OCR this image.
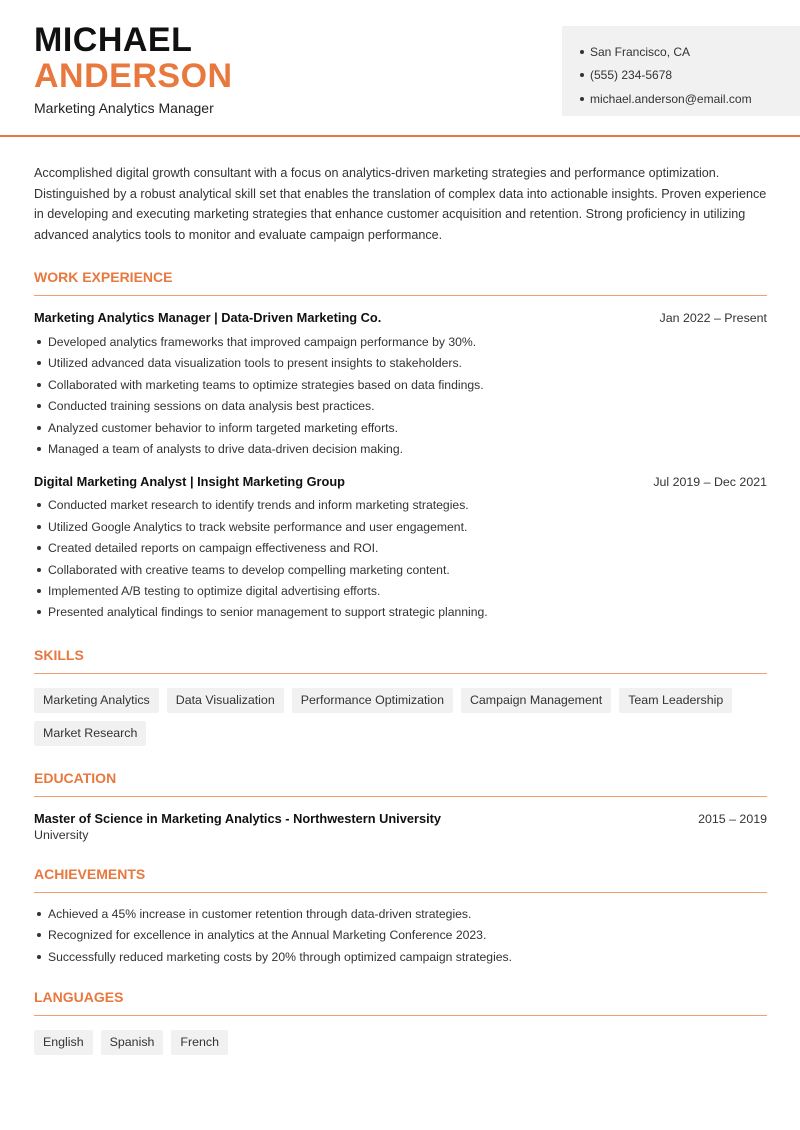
MICHAEL
ANDERSON
Marketing Analytics Manager
San Francisco, CA
(555) 234-5678
michael.anderson@email.com

Accomplished digital growth consultant with a focus on analytics-driven marketing strategies and performance optimization. Distinguished by a robust analytical skill set that enables the translation of complex data into actionable insights. Proven experience in developing and executing marketing strategies that enhance customer acquisition and retention. Strong proficiency in utilizing advanced analytics tools to monitor and evaluate campaign performance.

WORK EXPERIENCE
Marketing Analytics Manager | Data-Driven Marketing Co.	Jan 2022 – Present
Developed analytics frameworks that improved campaign performance by 30%.
Utilized advanced data visualization tools to present insights to stakeholders.
Collaborated with marketing teams to optimize strategies based on data findings.
Conducted training sessions on data analysis best practices.
Analyzed customer behavior to inform targeted marketing efforts.
Managed a team of analysts to drive data-driven decision making.
Digital Marketing Analyst | Insight Marketing Group	Jul 2019 – Dec 2021
Conducted market research to identify trends and inform marketing strategies.
Utilized Google Analytics to track website performance and user engagement.
Created detailed reports on campaign effectiveness and ROI.
Collaborated with creative teams to develop compelling marketing content.
Implemented A/B testing to optimize digital advertising efforts.
Presented analytical findings to senior management to support strategic planning.
SKILLS
Marketing Analytics	Data Visualization	Performance Optimization	Campaign Management	Team Leadership
Market Research
EDUCATION
Master of Science in Marketing Analytics - Northwestern University	2015 – 2019
University
ACHIEVEMENTS
Achieved a 45% increase in customer retention through data-driven strategies.
Recognized for excellence in analytics at the Annual Marketing Conference 2023.
Successfully reduced marketing costs by 20% through optimized campaign strategies.
LANGUAGES
English	Spanish	French
